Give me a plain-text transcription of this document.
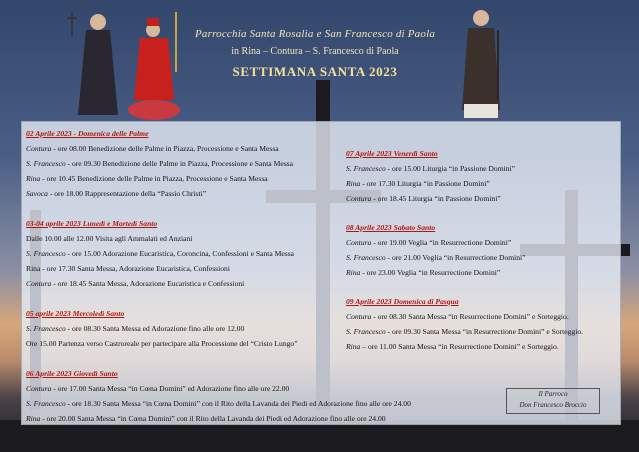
Parrocchia Santa Rosalia e San Francesco di Paola
in Rina – Contura – S. Francesco di Paola
SETTIMANA SANTA 2023
02 Aprile 2023 - Domenica delle Palme
Contura - ore 08.00 Benedizione delle Palme in Piazza, Processione e Santa Messa
S. Francesco - ore 09.30 Benedizione delle Palme in Piazza, Processione e Santa Messa
Rina - ore 10.45 Benedizione delle Palme in Piazza, Processione e Santa Messa
Savoca - ore 18.00 Rappresentazione della “Passio Christi”
03-04 aprile 2023 Lunedì e Martedì Santo
Dalle 10.00 alle 12.00 Visita agli Ammalati ed Anziani
S. Francesco - ore 15.00 Adorazione Eucaristica, Coroncina, Confessioni e Santa Messa
Rina - ore 17.30 Santa Messa, Adorazione Eucaristica, Confessioni
Contura - ore 18.45 Santa Messa, Adorazione Eucaristica e Confessioni
05 aprile 2023 Mercoledì Santo
S. Francesco - ore 08.30 Santa Messa ed Adorazione fino alle ore 12.00
Ore 15.00 Partenza verso Castroreale per partecipare alla Processione del “Cristo Lungo”
06 Aprile 2023 Giovedì Santo
Contura - ore 17.00 Santa Messa “in Cœna Domini” ed Adorazione fino alle ore 22.00
S. Francesco - ore 18.30 Santa Messa “in Cœna Domini” con il Rito della Lavanda dei Piedi ed Adorazione fino alle ore 24.00
Rina - ore 20.00 Santa Messa “in Cœna Domini” con il Rito della Lavanda dei Piedi ed Adorazione fino alle ore 24.00
07 Aprile 2023 Venerdì Santo
S. Francesco - ore 15.00 Liturgia “in Passione Domini”
Rina - ore 17.30 Liturgia “in Passione Domini”
Contura - ore 18.45 Liturgia “in Passione Domini”
08 Aprile 2023 Sabato Santo
Contura - ore 19.00 Veglia “in Resurrectione Domini”
S. Francesco - ore 21.00 Veglia “in Resurrectione Domini”
Rina - ore 23.00 Veglia “in Resurrectione Domini”
09 Aprile 2023 Domenica di Pasqua
Contura - ore 08.30 Santa Messa “in Resurrectione Domini” e Sorteggio.
S. Francesco - ore 09.30 Santa Messa “in Resurrectione Domini” e Sorteggio.
Rina – ore 11.00 Santa Messa “in Resurrectione Domini” e Sorteggio.
Il Parroco
Don Francesco Broccio
